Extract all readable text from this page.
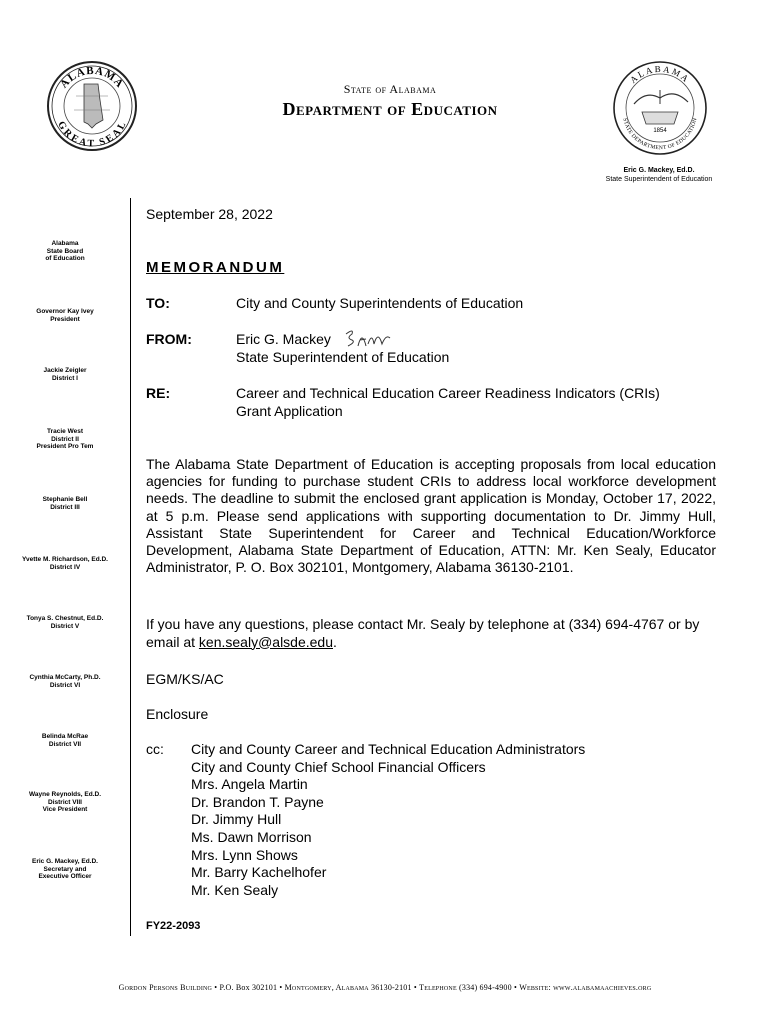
ALABAMA
GREAT SEAL
State of Alabama
Department of Education
1854
ALABAMA
STATE DEPARTMENT OF EDUCATION
Eric G. Mackey, Ed.D.
State Superintendent of Education
Alabama
State Board
of Education
Governor Kay Ivey
President
Jackie Zeigler
District I
Tracie West
District II
President Pro Tem
Stephanie Bell
District III
Yvette M. Richardson, Ed.D.
District IV
Tonya S. Chestnut, Ed.D.
District V
Cynthia McCarty, Ph.D.
District VI
Belinda McRae
District VII
Wayne Reynolds, Ed.D.
District VIII
Vice President
Eric G. Mackey, Ed.D.
Secretary and
Executive Officer
September 28, 2022
MEMORANDUM
TO:	City and County Superintendents of Education
FROM:	Eric G. Mackey
State Superintendent of Education
RE:	Career and Technical Education Career Readiness Indicators (CRIs)
Grant Application
The Alabama State Department of Education is accepting proposals from local education agencies for funding to purchase student CRIs to address local workforce development needs. The deadline to submit the enclosed grant application is Monday, October 17, 2022, at 5 p.m. Please send applications with supporting documentation to Dr. Jimmy Hull, Assistant State Superintendent for Career and Technical Education/Workforce Development, Alabama State Department of Education, ATTN: Mr. Ken Sealy, Educator Administrator, P. O. Box 302101, Montgomery, Alabama 36130-2101.
If you have any questions, please contact Mr. Sealy by telephone at (334) 694-4767 or by email at ken.sealy@alsde.edu.
EGM/KS/AC
Enclosure
cc:	City and County Career and Technical Education Administrators
City and County Chief School Financial Officers
Mrs. Angela Martin
Dr. Brandon T. Payne
Dr. Jimmy Hull
Ms. Dawn Morrison
Mrs. Lynn Shows
Mr. Barry Kachelhofer
Mr. Ken Sealy
FY22-2093
Gordon Persons Building • P.O. Box 302101 • Montgomery, Alabama 36130-2101 • Telephone (334) 694-4900 • Website: www.alabamaachieves.org
